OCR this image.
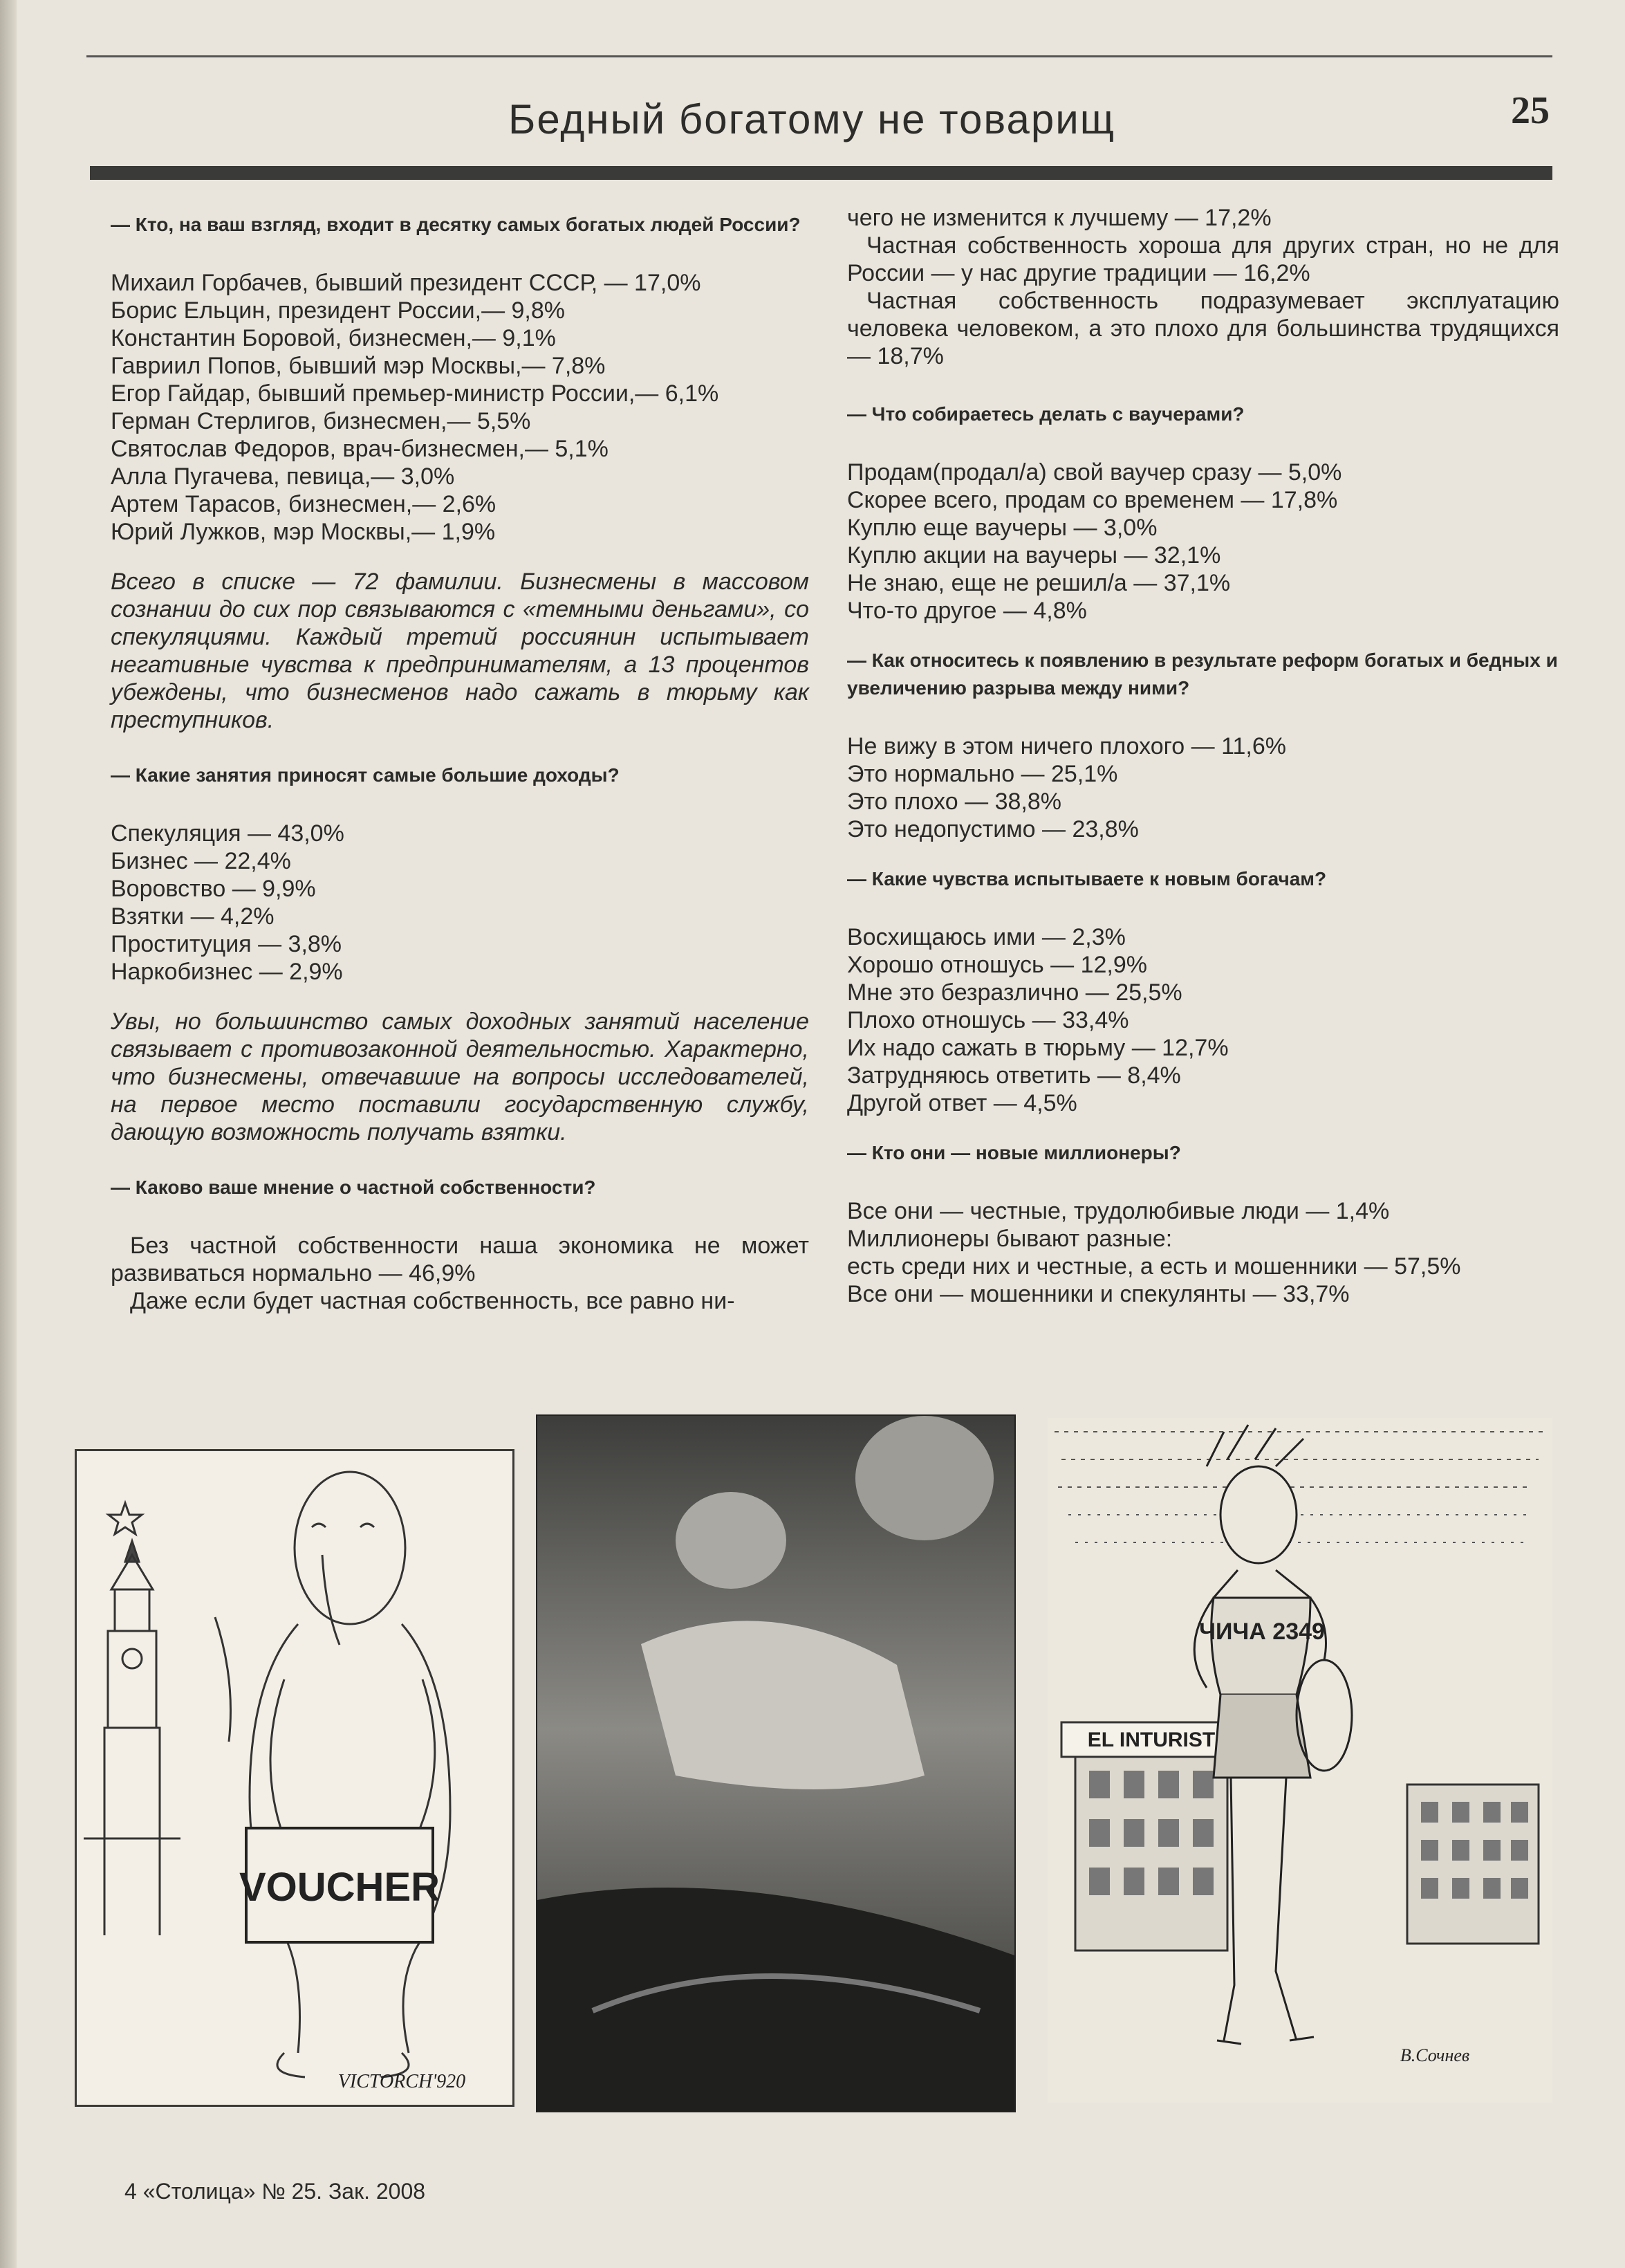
Бедный богатому не товарищ	25
— Кто, на ваш взгляд, входит в десятку самых богатых людей России?
Михаил Горбачев, бывший президент СССР, — 17,0%
Борис Ельцин, президент России,— 9,8%
Константин Боровой, бизнесмен,— 9,1%
Гавриил Попов, бывший мэр Москвы,— 7,8%
Егор Гайдар, бывший премьер-министр России,— 6,1%
Герман Стерлигов, бизнесмен,— 5,5%
Святослав Федоров, врач-бизнесмен,— 5,1%
Алла Пугачева, певица,— 3,0%
Артем Тарасов, бизнесмен,— 2,6%
Юрий Лужков, мэр Москвы,— 1,9%
Всего в списке — 72 фамилии. Бизнесмены в массовом сознании до сих пор связываются с «темными деньгами», со спекуляциями. Каждый третий россиянин испытывает негативные чувства к предпринимателям, а 13 процентов убеждены, что бизнесменов надо сажать в тюрьму как преступников.
— Какие занятия приносят самые большие доходы?
Спекуляция — 43,0%
Бизнес — 22,4%
Воровство — 9,9%
Взятки — 4,2%
Проституция — 3,8%
Наркобизнес — 2,9%
Увы, но большинство самых доходных занятий население связывает с противозаконной деятельностью. Характерно, что бизнесмены, отвечавшие на вопросы исследователей, на первое место поставили государственную службу, дающую возможность получать взятки.
— Каково ваше мнение о частной собственности?

Без частной собственности наша экономика не может развиваться нормально — 46,9%

Даже если будет частная собственность, все равно ни-

чего не изменится к лучшему — 17,2%

Частная собственность хороша для других стран, но не для России — у нас другие традиции — 16,2%

Частная собственность подразумевает эксплуатацию человека человеком, а это плохо для большинства трудящихся — 18,7%

— Что собираетесь делать с ваучерами?
Продам(продал/а) свой ваучер сразу — 5,0%
Скорее всего, продам со временем — 17,8%
Куплю еще ваучеры — 3,0%
Куплю акции на ваучеры — 32,1%
Не знаю, еще не решил/а — 37,1%
Что-то другое — 4,8%
— Как относитесь к появлению в результате реформ богатых и бедных и увеличению разрыва между ними?
Не вижу в этом ничего плохого — 11,6%
Это нормально — 25,1%
Это плохо — 38,8%
Это недопустимо — 23,8%
— Какие чувства испытываете к новым богачам?
Восхищаюсь ими — 2,3%
Хорошо отношусь — 12,9%
Мне это безразлично — 25,5%
Плохо отношусь — 33,4%
Их надо сажать в тюрьму — 12,7%
Затрудняюсь ответить — 8,4%
Другой ответ — 4,5%
— Кто они — новые миллионеры?
Все они — честные, трудолюбивые люди — 1,4%
Миллионеры бывают разные:
есть среди них и честные, а есть и мошенники — 57,5%
Все они — мошенники и спекулянты — 33,7%
VOUCHER
VICTORCH'920
EL INTURIST
ЧИЧА 2349
В.Сочнев
4 «Столица» № 25. Зак. 2008
